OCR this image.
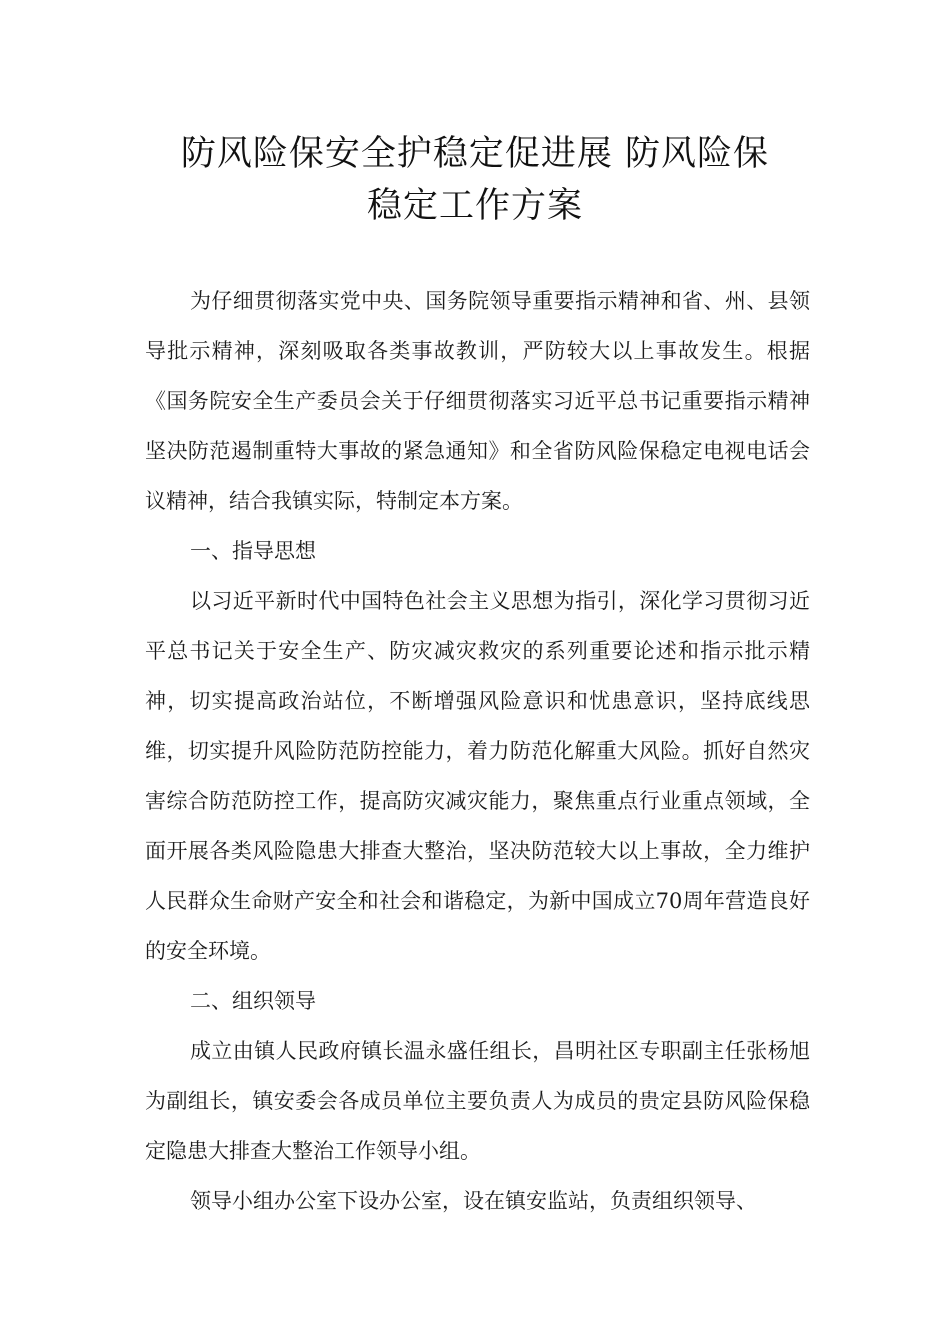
防风险保安全护稳定促进展 防风险保
稳定工作方案

为仔细贯彻落实党中央、国务院领导重要指示精神和省、州、县领导批示精神，深刻吸取各类事故教训，严防较大以上事故发生。根据《国务院安全生产委员会关于仔细贯彻落实习近平总书记重要指示精神坚决防范遏制重特大事故的紧急通知》和全省防风险保稳定电视电话会议精神，结合我镇实际，特制定本方案。

一、指导思想

以习近平新时代中国特色社会主义思想为指引，深化学习贯彻习近平总书记关于安全生产、防灾减灾救灾的系列重要论述和指示批示精神，切实提高政治站位，不断增强风险意识和忧患意识，坚持底线思维，切实提升风险防范防控能力，着力防范化解重大风险。抓好自然灾害综合防范防控工作，提高防灾减灾能力，聚焦重点行业重点领域，全面开展各类风险隐患大排查大整治，坚决防范较大以上事故，全力维护人民群众生命财产安全和社会和谐稳定，为新中国成立70周年营造良好的安全环境。

二、组织领导

成立由镇人民政府镇长温永盛任组长，昌明社区专职副主任张杨旭为副组长，镇安委会各成员单位主要负责人为成员的贵定县防风险保稳定隐患大排查大整治工作领导小组。

领导小组办公室下设办公室，设在镇安监站，负责组织领导、
